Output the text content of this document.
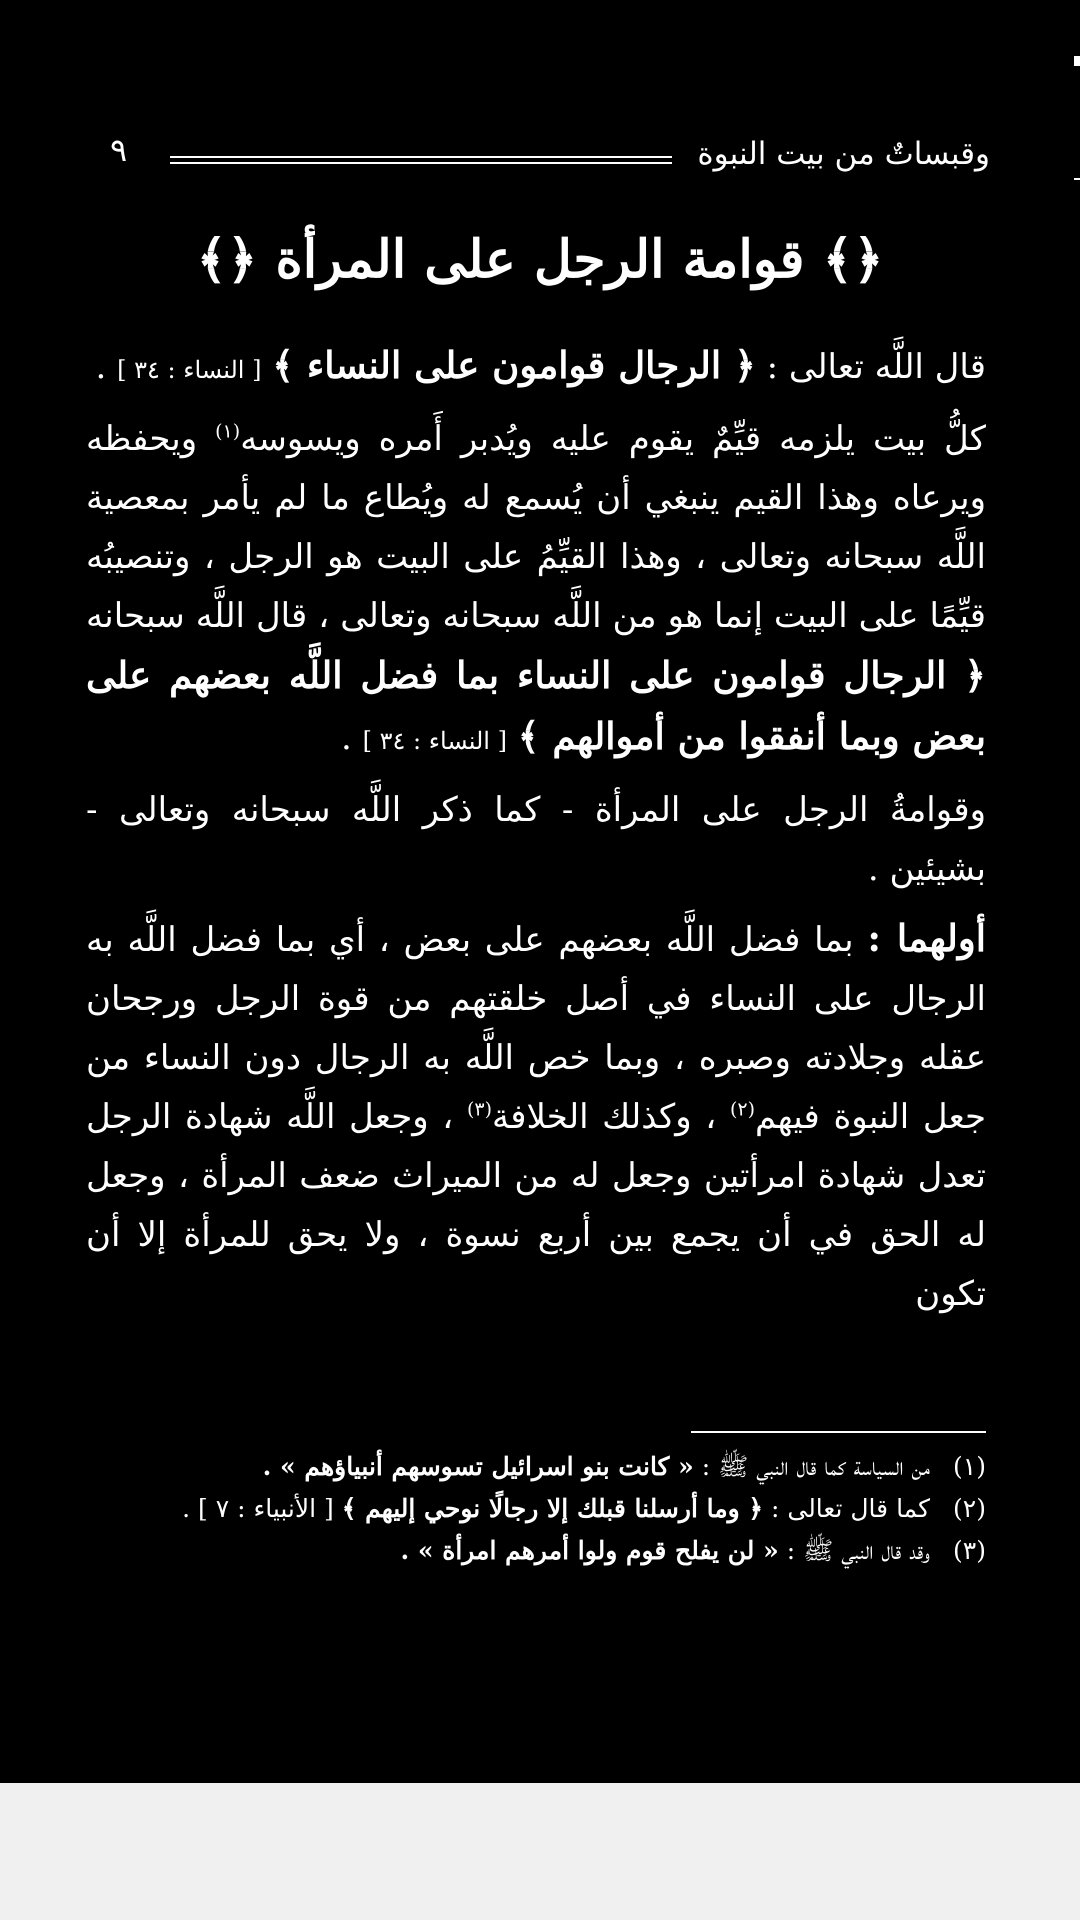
وقبساتٌ من بيت النبوة
٩
﴿﴾ قوامة الرجل على المرأة ﴿﴾

قال اللَّه تعالى : ﴿ الرجال قوامون على النساء ﴾ [ النساء : ٣٤ ] .

كلُّ بيت يلزمه قيِّمٌ يقوم عليه ويُدبر أَمره ويسوسه$^{(١)}$ ويحفظه ويرعاه وهذا القيم ينبغي أن يُسمع له ويُطاع ما لم يأمر بمعصية اللَّه سبحانه وتعالى ، وهذا القيِّمُ على البيت هو الرجل ، وتنصيبُه قيِّمًا على البيت إنما هو من اللَّه سبحانه وتعالى ، قال اللَّه سبحانه ﴿ الرجال قوامون على النساء بما فضل اللَّه بعضهم على بعض وبما أنفقوا من أموالهم ﴾ [ النساء : ٣٤ ] .

وقوامةُ الرجل على المرأة - كما ذكر اللَّه سبحانه وتعالى - بشيئين .

أولهما : بما فضل اللَّه بعضهم على بعض ، أي بما فضل اللَّه به الرجال على النساء في أصل خلقتهم من قوة الرجل ورجحان عقله وجلادته وصبره ، وبما خص اللَّه به الرجال دون النساء من جعل النبوة فيهم$^{(٢)}$ ، وكذلك الخلافة$^{(٣)}$ ، وجعل اللَّه شهادة الرجل تعدل شهادة امرأتين وجعل له من الميراث ضعف المرأة ، وجعل له الحق في أن يجمع بين أربع نسوة ، ولا يحق للمرأة إلا أن تكون

(١) من السياسة كما قال النبي ﷺ : « كانت بنو اسرائيل تسوسهم أنبياؤهم » .
(٢) كما قال تعالى : ﴿ وما أرسلنا قبلك إلا رجالًا نوحي إليهم ﴾ [ الأنبياء : ٧ ] .
(٣) وقد قال النبي ﷺ : « لن يفلح قوم ولوا أمرهم امرأة » .
